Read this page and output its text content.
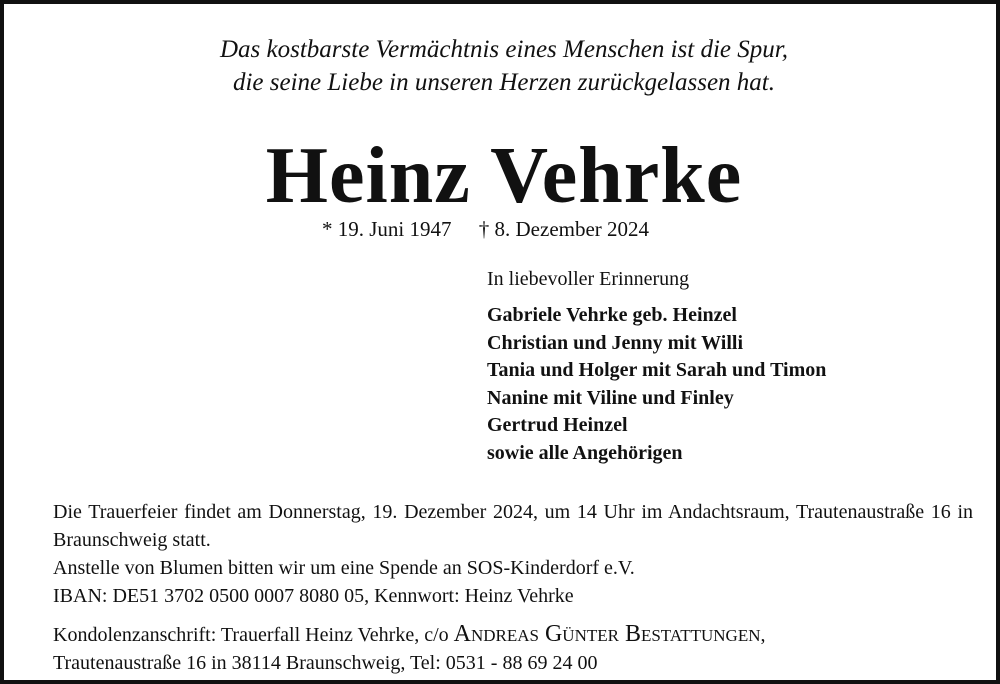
Das kostbarste Vermächtnis eines Menschen ist die Spur,
die seine Liebe in unseren Herzen zurückgelassen hat.
Heinz Vehrke
* 19. Juni 1947 † 8. Dezember 2024
In liebevoller Erinnerung
Gabriele Vehrke geb. Heinzel
Christian und Jenny mit Willi
Tania und Holger mit Sarah und Timon
Nanine mit Viline und Finley
Gertrud Heinzel
sowie alle Angehörigen
Die Trauerfeier findet am Donnerstag, 19. Dezember 2024, um 14 Uhr im Andachtsraum, Trautenaustraße 16 in Braunschweig statt.
Anstelle von Blumen bitten wir um eine Spende an SOS-Kinderdorf e.V.
IBAN: DE51 3702 0500 0007 8080 05, Kennwort: Heinz Vehrke
Kondolenzanschrift: Trauerfall Heinz Vehrke, c/o Andreas Günter Bestattungen,
Trautenaustraße 16 in 38114 Braunschweig, Tel: 0531 - 88 69 24 00
